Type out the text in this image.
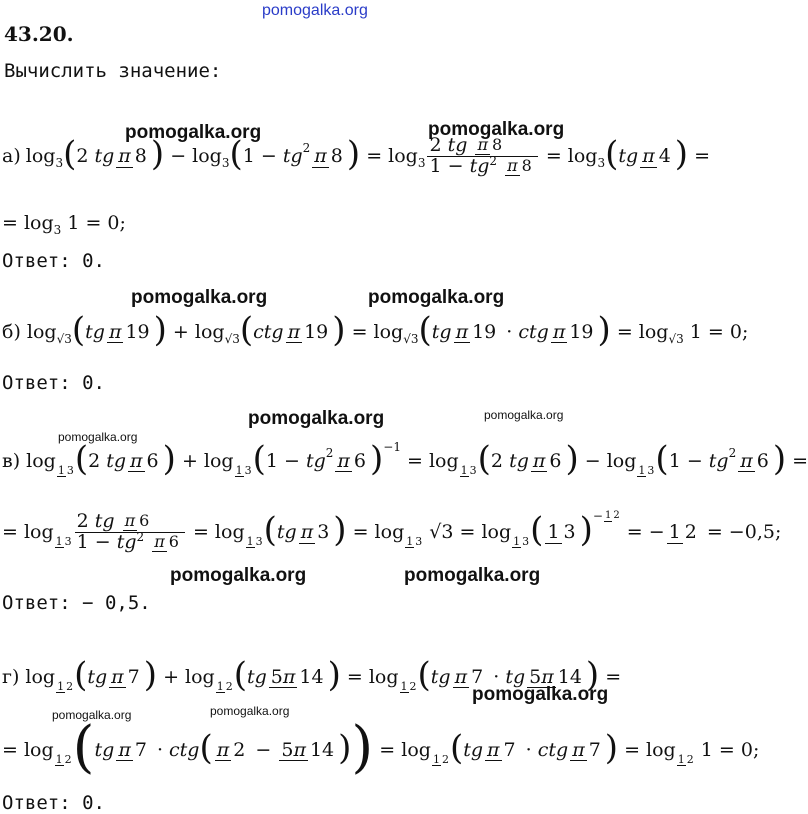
pomogalka.org
43.20.
Вычислить значение:
pomogalka.org	pomogalka.org
а) log 3 ( 2 tg π 8 ) − log 3 ( 1 − tg 2 π 8 ) = log 3 2 tg
π 8
1 − tg 2
π 8 = log 3 ( tg π 4 ) =
= log 3 1 = 0;
Ответ: 0.
pomogalka.org	pomogalka.org
б) log √3 ( tg π 19 ) + log √3 ( ctg π 19 ) = log √3 ( tg π 19 · ctg π 19 ) = log √3 1 = 0;
Ответ: 0.
pomogalka.org	pomogalka.org
pomogalka.org
в) log 1 3 ( 2 tg π 6 ) + log 1 3 ( 1 − tg 2 π 6 ) −1
= log 1 3 ( 2 tg π 6 ) − log 1 3 ( 1 − tg 2 π 6 ) =
= log 1 3 2 tg
π 6
1 − tg 2
π 6 = log 1 3 ( tg π 3 ) = log 1 3 √3 = log 1 3 ( 1 3 ) − 1 2
= − 1 2 = −0,5;
pomogalka.org	pomogalka.org
Ответ: − 0,5.
г) log 1 2 ( tg π 7 ) + log 1 2 ( tg 5π 14 ) = log 1 2 ( tg π 7 · tg 5π 14 ) =
pomogalka.org
pomogalka.org	pomogalka.org
= log 1 2 ( tg π 7 · ctg ( π 2 − 5π 14 ) ) = log 1 2 ( tg π 7 · ctg π 7 ) = log 1 2 1 = 0;
Ответ: 0.
